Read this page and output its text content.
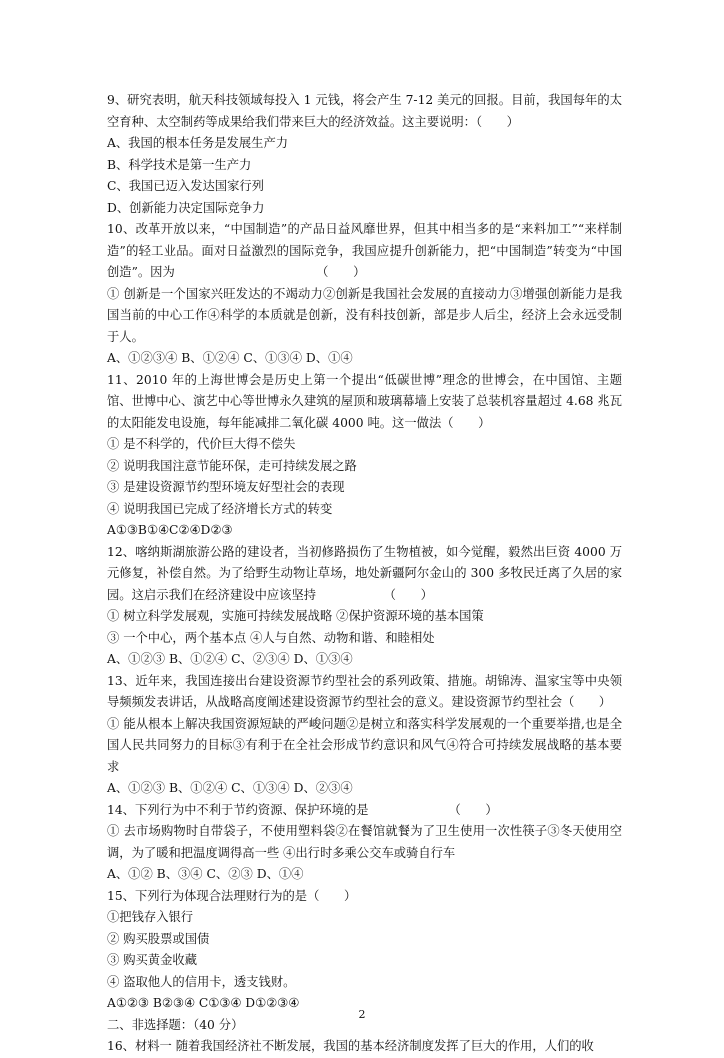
9、研究表明，航天科技领域每投入 1 元钱，将会产生 7-12 美元的回报。目前，我国每年的太空育种、太空制药等成果给我们带来巨大的经济效益。这主要说明：（　　）

A、我国的根本任务是发展生产力

B、科学技术是第一生产力

C、我国已迈入发达国家行列

D、创新能力决定国际竞争力

10、改革开放以来，“中国制造”的产品日益风靡世界，但其中相当多的是“来料加工”“来样制造”的轻工业品。面对日益激烈的国际竞争，我国应提升创新能力，把“中国制造”转变为“中国创造”。因为　　　　　　　　　　　　（　　）

① 创新是一个国家兴旺发达的不竭动力②创新是我国社会发展的直接动力③增强创新能力是我国当前的中心工作④科学的本质就是创新，没有科技创新，部是步人后尘，经济上会永远受制于人。

A、①②③④ B、①②④ C、①③④ D、①④

11、2010 年的上海世博会是历史上第一个提出“低碳世博”理念的世博会，在中国馆、主题馆、世博中心、演艺中心等世博永久建筑的屋顶和玻璃幕墙上安装了总装机容量超过 4.68 兆瓦的太阳能发电设施，每年能减排二氧化碳 4000 吨。这一做法（　　）

① 是不科学的，代价巨大得不偿失

② 说明我国注意节能环保，走可持续发展之路

③ 是建设资源节约型环境友好型社会的表现

④ 说明我国已完成了经济增长方式的转变

A①③B①④C②④D②③

12、喀纳斯湖旅游公路的建设者，当初修路损伤了生物植被，如今觉醒，毅然出巨资 4000 万元修复，补偿自然。为了给野生动物让草场，地处新疆阿尔金山的 300 多牧民迁离了久居的家园。这启示我们在经济建设中应该坚持　　　　　　（　　）

① 树立科学发展观，实施可持续发展战略 ②保护资源环境的基本国策

③ 一个中心，两个基本点 ④人与自然、动物和谐、和睦相处

A、①②③ B、①②④ C、②③④ D、①③④

13、近年来，我国连接出台建设资源节约型社会的系列政策、措施。胡锦涛、温家宝等中央领导频频发表讲话，从战略高度阐述建设资源节约型社会的意义。建设资源节约型社会（　　）

① 能从根本上解决我国资源短缺的严峻问题②是树立和落实科学发展观的一个重要举措,也是全国人民共同努力的目标③有利于在全社会形成节约意识和风气④符合可持续发展战略的基本要求

A、①②③ B、①②④ C、①③④ D、②③④

14、下列行为中不利于节约资源、保护环境的是　　　　　　　（　　）

① 去市场购物时自带袋子，不使用塑料袋②在餐馆就餐为了卫生使用一次性筷子③冬天使用空调，为了暖和把温度调得高一些 ④出行时多乘公交车或骑自行车

A、①② B、③④ C、②③ D、①④

15、下列行为体现合法理财行为的是（　　）

①把钱存入银行

② 购买股票或国债

③ 购买黄金收藏

④ 盗取他人的信用卡，透支钱财。

A①②③ B②③④ C①③④ D①②③④

二、非选择题：（40 分）

16、材料一 随着我国经济社不断发展，我国的基本经济制度发挥了巨大的作用，人们的收

2
